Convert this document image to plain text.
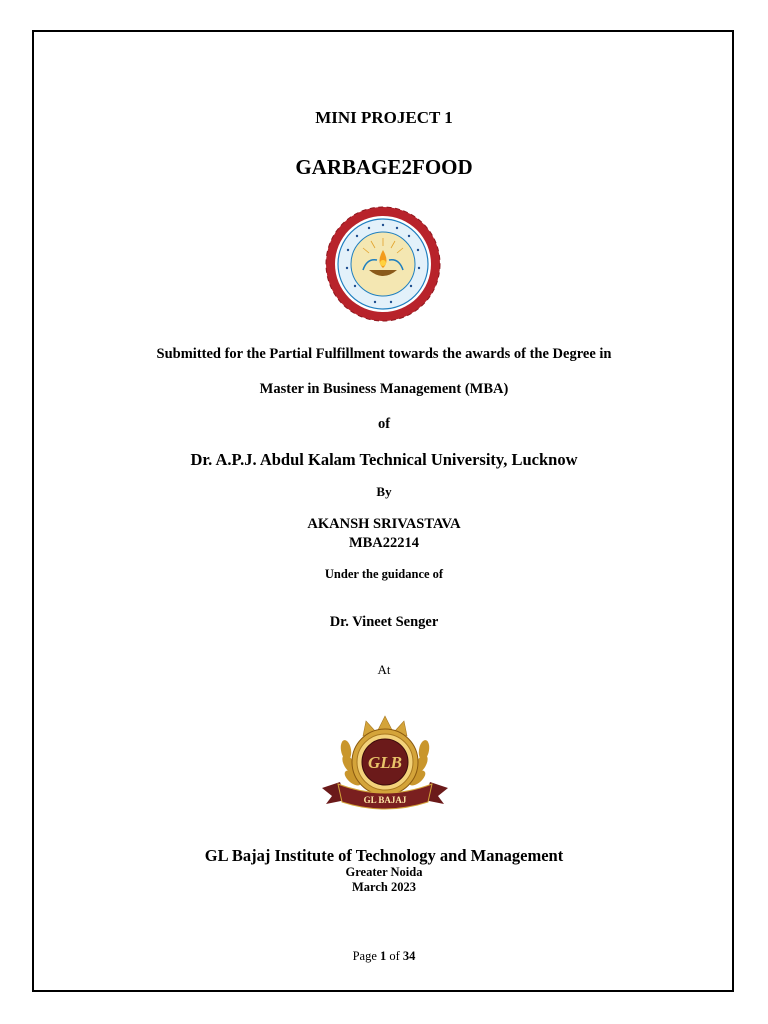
MINI PROJECT 1
GARBAGE2FOOD
Submitted for the Partial Fulfillment towards the awards of the Degree in
Master in Business Management (MBA)
of
Dr. A.P.J. Abdul Kalam Technical University, Lucknow
By
AKANSH SRIVASTAVA
MBA22214
Under the guidance of
Dr. Vineet Senger
At
GLB
GL BAJAJ
GL Bajaj Institute of Technology and Management
Greater Noida
March 2023
Page 1 of 34
